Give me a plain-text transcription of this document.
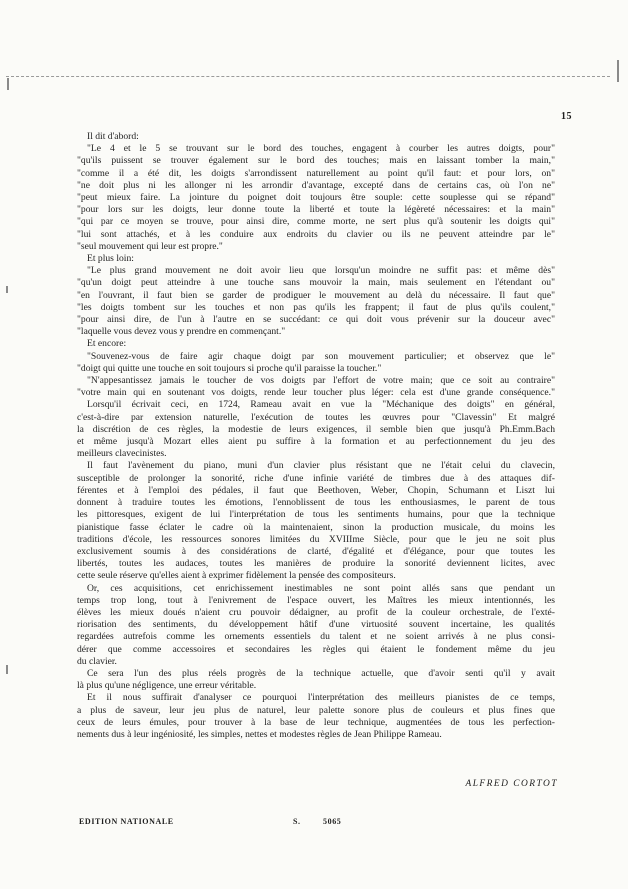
15
Il dit d'abord:
"Le 4 et le 5 se trouvant sur le bord des touches, engagent à courber les autres doigts, pour"
"qu'ils puissent se trouver également sur le bord des touches; mais en laissant tomber la main,"
"comme il a été dit, les doigts s'arrondissent naturellement au point qu'il faut: et pour lors, on"
"ne doit plus ni les allonger ni les arrondir d'avantage, excepté dans de certains cas, où l'on ne"
"peut mieux faire. La jointure du poignet doit toujours être souple: cette souplesse qui se répand"
"pour lors sur les doigts, leur donne toute la liberté et toute la légèreté nécessaires: et la main"
"qui par ce moyen se trouve, pour ainsi dire, comme morte, ne sert plus qu'à soutenir les doigts qui"
"lui sont attachés, et à les conduire aux endroits du clavier ou ils ne peuvent atteindre par le"
"seul mouvement qui leur est propre."
Et plus loin:
"Le plus grand mouvement ne doit avoir lieu que lorsqu'un moindre ne suffit pas: et même dès"
"qu'un doigt peut atteindre à une touche sans mouvoir la main, mais seulement en l'étendant ou"
"en l'ouvrant, il faut bien se garder de prodiguer le mouvement au delà du nécessaire. Il faut que"
"les doigts tombent sur les touches et non pas qu'ils les frappent; il faut de plus qu'ils coulent,"
"pour ainsi dire, de l'un à l'autre en se succédant: ce qui doit vous prévenir sur la douceur avec"
"laquelle vous devez vous y prendre en commençant."
Et encore:
"Souvenez-vous de faire agir chaque doigt par son mouvement particulier; et observez que le"
"doigt qui quitte une touche en soit toujours si proche qu'il paraisse la toucher."
"N'appesantissez jamais le toucher de vos doigts par l'effort de votre main; que ce soit au contraire"
"votre main qui en soutenant vos doigts, rende leur toucher plus léger: cela est d'une grande conséquence."
Lorsqu'il écrivait ceci, en 1724, Rameau avait en vue la "Méchanique des doigts" en général,
c'est-à-dire par extension naturelle, l'exécution de toutes les œuvres pour "Clavessin" Et malgré
la discrétion de ces règles, la modestie de leurs exigences, il semble bien que jusqu'à Ph.Emm.Bach
et même jusqu'à Mozart elles aient pu suffire à la formation et au perfectionnement du jeu des
meilleurs clavecinistes.
Il faut l'avènement du piano, muni d'un clavier plus résistant que ne l'était celui du clavecin,
susceptible de prolonger la sonorité, riche d'une infinie variété de timbres due à des attaques dif-
férentes et à l'emploi des pédales, il faut que Beethoven, Weber, Chopin, Schumann et Liszt lui
donnent à traduire toutes les émotions, l'ennoblissent de tous les enthousiasmes, le parent de tous
les pittoresques, exigent de lui l'interprétation de tous les sentiments humains, pour que la technique
pianistique fasse éclater le cadre où la maintenaient, sinon la production musicale, du moins les
traditions d'école, les ressources sonores limitées du XVIIIme Siècle, pour que le jeu ne soit plus
exclusivement soumis à des considérations de clarté, d'égalité et d'élégance, pour que toutes les
libertés, toutes les audaces, toutes les manières de produire la sonorité deviennent licites, avec
cette seule réserve qu'elles aient à exprimer fidèlement la pensée des compositeurs.
Or, ces acquisitions, cet enrichissement inestimables ne sont point allés sans que pendant un
temps trop long, tout à l'enivrement de l'espace ouvert, les Maîtres les mieux intentionnés, les
élèves les mieux doués n'aient cru pouvoir dédaigner, au profit de la couleur orchestrale, de l'exté-
riorisation des sentiments, du développement hâtif d'une virtuosité souvent incertaine, les qualités
regardées autrefois comme les ornements essentiels du talent et ne soient arrivés à ne plus consi-
dérer que comme accessoires et secondaires les règles qui étaient le fondement même du jeu
du clavier.
Ce sera l'un des plus réels progrès de la technique actuelle, que d'avoir senti qu'il y avait
là plus qu'une négligence, une erreur véritable.
Et il nous suffirait d'analyser ce pourquoi l'interprétation des meilleurs pianistes de ce temps,
a plus de saveur, leur jeu plus de naturel, leur palette sonore plus de couleurs et plus fines que
ceux de leurs émules, pour trouver à la base de leur technique, augmentées de tous les perfection-
nements dus à leur ingéniosité, les simples, nettes et modestes règles de Jean Philippe Rameau.
ALFRED CORTOT
EDITION NATIONALE	S.	5065
